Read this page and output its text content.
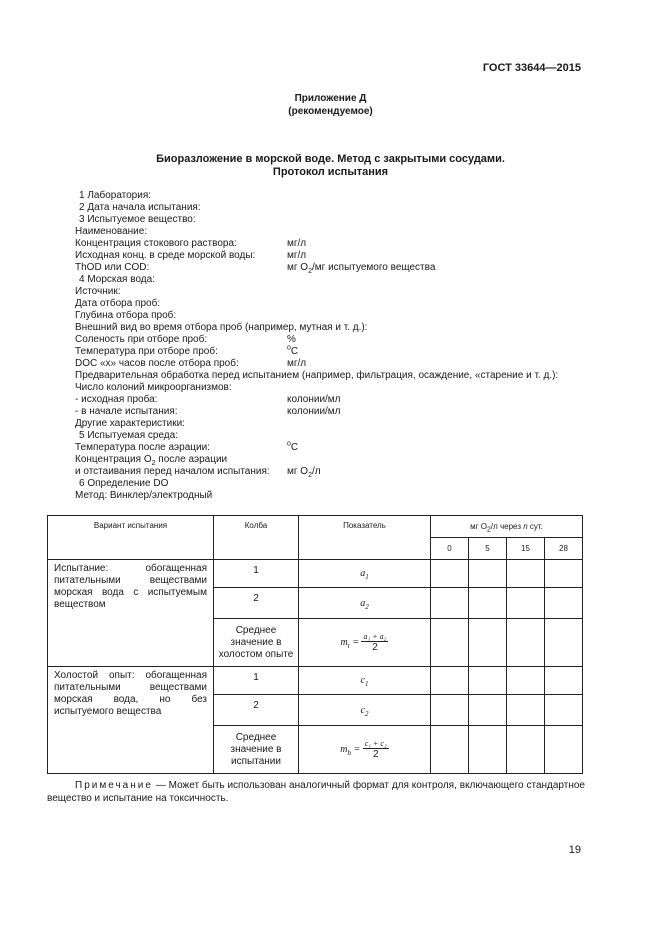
ГОСТ 33644—2015
Приложение Д
(рекомендуемое)
Биоразложение в морской воде. Метод с закрытыми сосудами.
Протокол испытания
1 Лаборатория:
2 Дата начала испытания:
3 Испытуемое вещество:
Наименование:
Концентрация стокового раствора:	мг/л
Исходная конц. в среде морской воды:	мг/л
ThOD или COD:	мг $О_2/мг$ испытуемого вещества
4 Морская вода:
Источник:
Дата отбора проб:
Глубина отбора проб:
Внешний вид во время отбора проб (например, мутная и т. д.):
Соленость при отборе проб:	%
Температура при отборе проб:	$^о$С
DOC «х» часов после отбора проб:	мг/л
Предварительная обработка перед испытанием (например, фильтрация, осаждение, «старение и т. д.):
Число колоний микроорганизмов:
- исходная проба:	колонии/мл
- в начале испытания:	колонии/мл
Другие характеристики:
5 Испытуемая среда:
Температура после аэрации:	$^о$С
Концентрация $О_2$ после аэрации
и отстаивания перед началом испытания: мг $О_2/л$
6 Определение DO
Метод: Винклер/электродный
Вариант испытания	Колба	Показатель	мг $О_2/л$ через n сут.			
			0	5	15	28
Испытание: обогащенная питательными веществами морская вода с испытуемым веществом	1	$a_1$				
	2	$a_2$				
	Среднее значение в холостом опыте	$m_t = \frac{\text{a₁ + a₂}}{2}$

Холостой опыт: обогащенная питательными веществами морская вода, но без испытуемого вещества	1	$c_1$				
	2	$c_2$				
	Среднее значение в испытании	$m_b = \frac{\text{c₁ + c₂}}{2}$

Примечание — Может быть использован аналогичный формат для контроля, включающего стандартное вещество и испытание на токсичность.
19
